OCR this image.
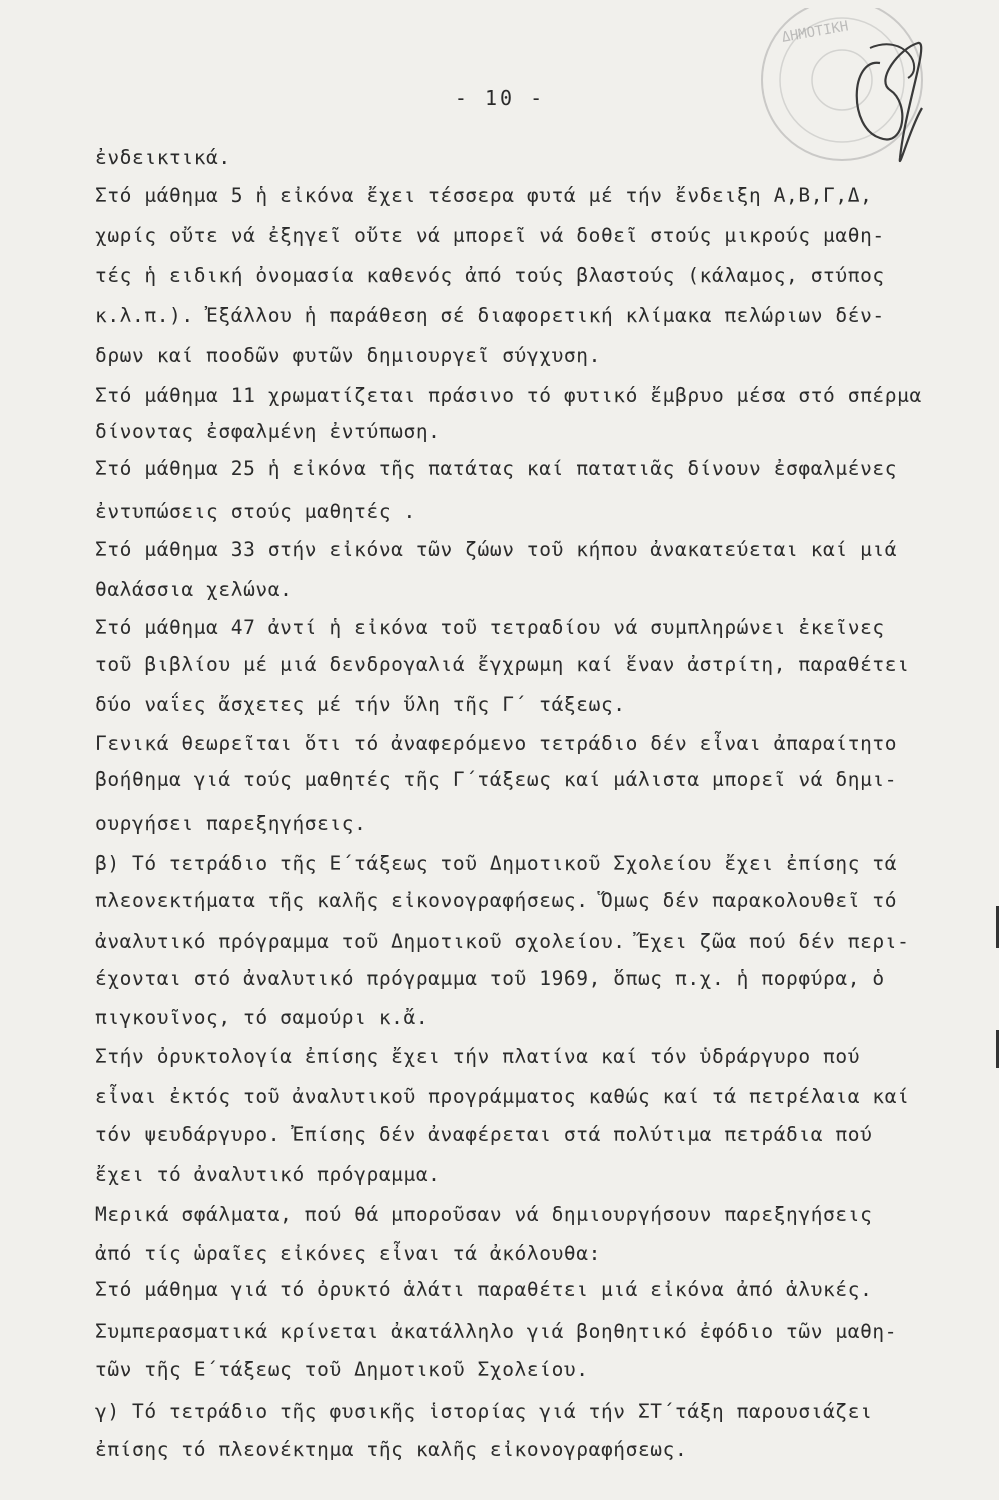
- 10 -
ἐνδεικτικά.
Στό μάθημα 5 ἡ εἰκόνα ἔχει τέσσερα φυτά μέ τήν ἔνδειξη Α,Β,Γ,Δ,
χωρίς οὔτε νά ἐξηγεῖ οὔτε νά μπορεῖ νά δοθεῖ στούς μικρούς μαθη-
τές ἡ ειδική ὀνομασία καθενός ἀπό τούς βλαστούς (κάλαμος, στύπος
κ.λ.π.). Ἐξάλλου ἡ παράθεση σέ διαφορετική κλίμακα πελώριων δέν-
δρων καί ποοδῶν φυτῶν δημιουργεῖ σύγχυση.
Στό μάθημα 11 χρωματίζεται πράσινο τό φυτικό ἔμβρυο μέσα στό σπέρμα
δίνοντας ἐσφαλμένη ἐντύπωση.
Στό μάθημα 25 ἡ εἰκόνα τῆς πατάτας καί πατατιᾶς δίνουν ἐσφαλμένες
ἐντυπώσεις στούς μαθητές .
Στό μάθημα 33 στήν εἰκόνα τῶν ζώων τοῦ κήπου ἀνακατεύεται καί μιά
θαλάσσια χελώνα.
Στό μάθημα 47 ἀντί ἡ εἰκόνα τοῦ τετραδίου νά συμπληρώνει ἐκεῖνες
τοῦ βιβλίου μέ μιά δενδρογαλιά ἔγχρωμη καί ἕναν ἀστρίτη, παραθέτει
δύο ναΐες ἄσχετες μέ τήν ὕλη τῆς Γ΄ τάξεως.
Γενικά θεωρεῖται ὅτι τό ἀναφερόμενο τετράδιο δέν εἶναι ἀπαραίτητο
βοήθημα γιά τούς μαθητές τῆς Γ΄τάξεως καί μάλιστα μπορεῖ νά δημι-
ουργήσει παρεξηγήσεις.
β) Τό τετράδιο τῆς Ε΄τάξεως τοῦ Δημοτικοῦ Σχολείου ἔχει ἐπίσης τά
πλεονεκτήματα τῆς καλῆς εἰκονογραφήσεως. Ὅμως δέν παρακολουθεῖ τό
ἀναλυτικό πρόγραμμα τοῦ Δημοτικοῦ σχολείου. Ἔχει ζῶα πού δέν περι-
έχονται στό ἀναλυτικό πρόγραμμα τοῦ 1969, ὅπως π.χ. ἡ πορφύρα, ὁ
πιγκουῖνος, τό σαμούρι κ.ἄ.
Στήν ὀρυκτολογία ἐπίσης ἔχει τήν πλατίνα καί τόν ὑδράργυρο πού
εἶναι ἐκτός τοῦ ἀναλυτικοῦ προγράμματος καθώς καί τά πετρέλαια καί
τόν ψευδάργυρο. Ἐπίσης δέν ἀναφέρεται στά πολύτιμα πετράδια πού
ἔχει τό ἀναλυτικό πρόγραμμα.
Μερικά σφάλματα, πού θά μποροῦσαν νά δημιουργήσουν παρεξηγήσεις
ἀπό τίς ὡραῖες εἰκόνες εἶναι τά ἀκόλουθα:
Στό μάθημα γιά τό ὀρυκτό ἁλάτι παραθέτει μιά εἰκόνα ἀπό ἁλυκές.
Συμπερασματικά κρίνεται ἀκατάλληλο γιά βοηθητικό ἐφόδιο τῶν μαθη-
τῶν τῆς Ε΄τάξεως τοῦ Δημοτικοῦ Σχολείου.
γ) Τό τετράδιο τῆς φυσικῆς ἱστορίας γιά τήν ΣΤ΄τάξη παρουσιάζει
ἐπίσης τό πλεονέκτημα τῆς καλῆς εἰκονογραφήσεως.
ΔΗΜΟΤΙΚΗ
